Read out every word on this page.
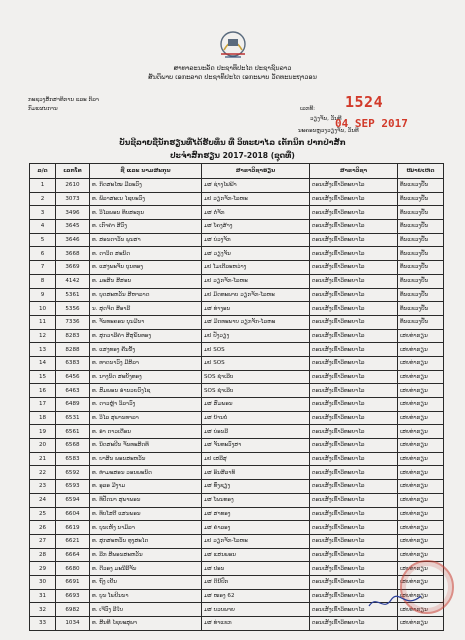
ສາທາລະນະລັດ ປະຊາທິປະໄຕ ປະຊາຊົນລາວ
ສັນຕິພາບ ເອກະລາດ ປະຊາທິປະໄຕ ເອກະພາບ ວັດທະນະຖາວອນ
ກະຊວງສຶກສາທິການ ແລະ ກິລາ
ກົມແຜນການ	1524
ເລກທີ:
ວຽງຈັນ, ວັນທີ
04 SEP 2017
ນະຄອນຫຼວງວຽງຈັນ, ວັນທີ
ບັນຊີລາຍຊື່ນັກຮຽນທີ່ໄດ້ຮັບທຶນ ທີ່ ວິທະຍາໄລ ເຕັກນິກ ປາກປ່າສັກ
ປະຈຳສົກຮຽນ 2017-2018 (ຊຸດທີ່)
ລ/ດ	ເລກໂຕ	ຊື່ ແລະ ນາມສະກຸນ	ສາຂາວິຊາຮຽນ	ສາຂາວິຊາ	ໝາຍເຫດ
1	2610	ທ. ກິດສະໄໝ ມີລະວົງ	ມສ ຊ່າງໄຟຟ້າ	ຕອນເສັງເຂົ້າວິທະຍາໄລ	ທຶນແຂວງປັ້ນ
2	3073	ທ. ພິລາສະເນ ໄຊຍະວົງ	ມປ ວຽກຈັກ-ໂລຫະ	ຕອນເສັງເຂົ້າວິທະຍາໄລ	ທຶນແຂວງປັ້ນ
3	3496	ທ. ວິໄລພອນ ທິບສະກຸນ	ມສ ຕໍ່ຈັກ	ຕອນເສັງເຂົ້າວິທະຍາໄລ	ທຶນແຂວງປັ້ນ
4	3645	ທ. ເກົາຄຳ ສີວົງ	ມສ ໂຄງສ້າງ	ຕອນເສັງເຂົ້າວິທະຍາໄລ	ທຶນແຂວງປັ້ນ
5	3646	ທ. ສອນດາວັນ ພູນສາ	ມສ ບ່ວງຈັກ	ຕອນເສັງເຂົ້າວິທະຍາໄລ	ທຶນແຂວງປັ້ນ
6	3668	ທ. ດາວິດ ສະນິດ	ມສ ວຽງຈັນ	ຕອນເສັງເຂົ້າວິທະຍາໄລ	ທຶນແຂວງປັ້ນ
7	3669	ທ. ແສງພະຈັນ ບຸນທອງ	ມປ ໂມເຕີລະຫວ່າງ	ຕອນເສັງເຂົ້າວິທະຍາໄລ	ທຶນແຂວງປັ້ນ
8	4142	ທ. ມະສິນ ສີສອນ	ມປ ວຽກຈັກ-ໂລຫະ	ຕອນເສັງເຂົ້າວິທະຍາໄລ	ທຶນແຂວງປັ້ນ
9	5361	ທ. ບຸດສະຫວັນ ສີຫາລາດ	ມປ ມິດທະພາບ ວຽກຈັກ-ໂລຫະ	ຕອນເສັງເຂົ້າວິທະຍາໄລ	ທຶນແຂວງປັ້ນ
10	5356	ນ. ສຸດຈິດ ສີອາລີ	ມສ ທ່າງອນ	ຕອນເສັງເຂົ້າວິທະຍາໄລ	ທຶນແຂວງປັ້ນ
11	7336	ທ. ຈັນທະຄອນ ບຸນມີນາ	ມສ ມິດທະພາບ ວຽກຈັກ-ໂລຫະ	ຕອນເສັງເຂົ້າວິທະຍາໄລ	ທຶນແຂວງປັ້ນ
12	8283	ທ. ສຸກວາລີຄຳ ສີສຸພັນທອງ	ມປ ປັງວຽງ	ຕອນເສັງເຂົ້າວິທະຍາໄລ	ເສຍທ່າຮຽນ
13	8288	ທ. ແສງທອງ ຄືນນັ້ງ	ມປ SOS	ຕອນເສັງເຂົ້າວິທະຍາໄລ	ເສຍທ່າຮຽນ
14	6383	ທ. ທາດນາວົງ ມີສິລາ	ມປ SOS	ຕອນເສັງເຂົ້າວິທະຍາໄລ	ເສຍທ່າຮຽນ
15	6456	ທ. ນາງນິດ ສະຍັງທອງ	SOS ຊຳເລີບ	ຕອນເສັງເຂົ້າວິທະຍາໄລ	ເສຍທ່າຮຽນ
16	6463	ທ. ສົມພອນ ອຳນວຍວົງໄຊ	SOS ຊຳເລີບ	ຕອນເສັງເຂົ້າວິທະຍາໄລ	ເສຍທ່າຮຽນ
17	6489	ທ. ດາວຫຼ້າ ວິລາວົງ	ມສ ສົມພອນ	ຕອນເສັງເຂົ້າວິທະຍາໄລ	ເສຍທ່າຮຽນ
18	6531	ທ. ວິໄລ ສຸພານທາລາ	ມສ ບ້ານບໍ່	ຕອນເສັງເຂົ້າວິທະຍາໄລ	ເສຍທ່າຮຽນ
19	6561	ທ. ອຳ ດາວເດືອນ	ມສ ບ່ອນລີ	ຕອນເສັງເຂົ້າວິທະຍາໄລ	ເສຍທ່າຮຽນ
20	6568	ທ. ນິດສະປີນ ຈັນທະສິດທິ	ມສ ຈັນທະວົງສາ	ຕອນເສັງເຂົ້າວິທະຍາໄລ	ເສຍທ່າຮຽນ
21	6583	ທ. ບາສິນ ພອນສະຫວັນ	ມປ ເສລີສຸ	ຕອນເສັງເຂົ້າວິທະຍາໄລ	ເສຍທ່າຮຽນ
22	6592	ທ. ທຳມະສອນ ວອນພະນິດ	ມສ ອິນສີລາທິ	ຕອນເສັງເຂົ້າວິທະຍາໄລ	ເສຍທ່າຮຽນ
23	6593	ທ. ອຸລອ ມີງາມ	ມສ ທົ່ງຊຽງ	ຕອນເສັງເຂົ້າວິທະຍາໄລ	ເສຍທ່າຮຽນ
24	6594	ທ. ທິປັດນາ ສຸພາພອນ	ມສ ໂພນທອງ	ຕອນເສັງເຂົ້າວິທະຍາໄລ	ເສຍທ່າຮຽນ
25	6604	ທ. ທິບໂສຕີ ແສນພອນ	ມສ ສາທອງ	ຕອນເສັງເຂົ້າວິທະຍາໄລ	ເສຍທ່າຮຽນ
26	6619	ທ. ບຸນເຫັງ ນາມິລາ	ມສ ຄຳລອງ	ຕອນເສັງເຂົ້າວິທະຍາໄລ	ເສຍທ່າຮຽນ
27	6621	ທ. ສຸກສະຫວັນ ທຸງສະໄດ	ມປ ວຽກຈັກ-ໂລຫະ	ຕອນເສັງເຂົ້າວິທະຍາໄລ	ເສຍທ່າຮຽນ
28	6664	ທ. ລີກ ສີພອນສະຫວັນ	ມສ ແສນພອນ	ຕອນເສັງເຂົ້າວິທະຍາໄລ	ເສຍທ່າຮຽນ
29	6680	ທ. ດີວອງ ມະນີລີຈັນ	ມສ ປອນ	ຕອນເສັງເຂົ້າວິທະຍາໄລ	ເສຍທ່າຮຽນ
30	6691	ທ. ຖົງ ເຢັນ	ມສ ດິນີປົກ	ຕອນເສັງເຂົ້າວິທະຍາໄລ	ເສຍທ່າຮຽນ
31	6693	ທ. ບູນ ໂພປິນນາ	ມສ ໜອງ 62	ຕອນເສັງເຂົ້າວິທະຍາໄລ	ເສຍທ່າຮຽນ
32	6982	ທ. ເຈີວົງ ລີໃບ	ມສ ບວບພາຍ	ຕອນເສັງເຂົ້າວິທະຍາໄລ	ເສຍທ່າຮຽນ
33	1034	ທ. ສີນທີ ໄຊຍະສຸພາ	ມສ ທ່າແຂກ	ຕອນເສັງເຂົ້າວິທະຍາໄລ	ເສຍທ່າຮຽນ
